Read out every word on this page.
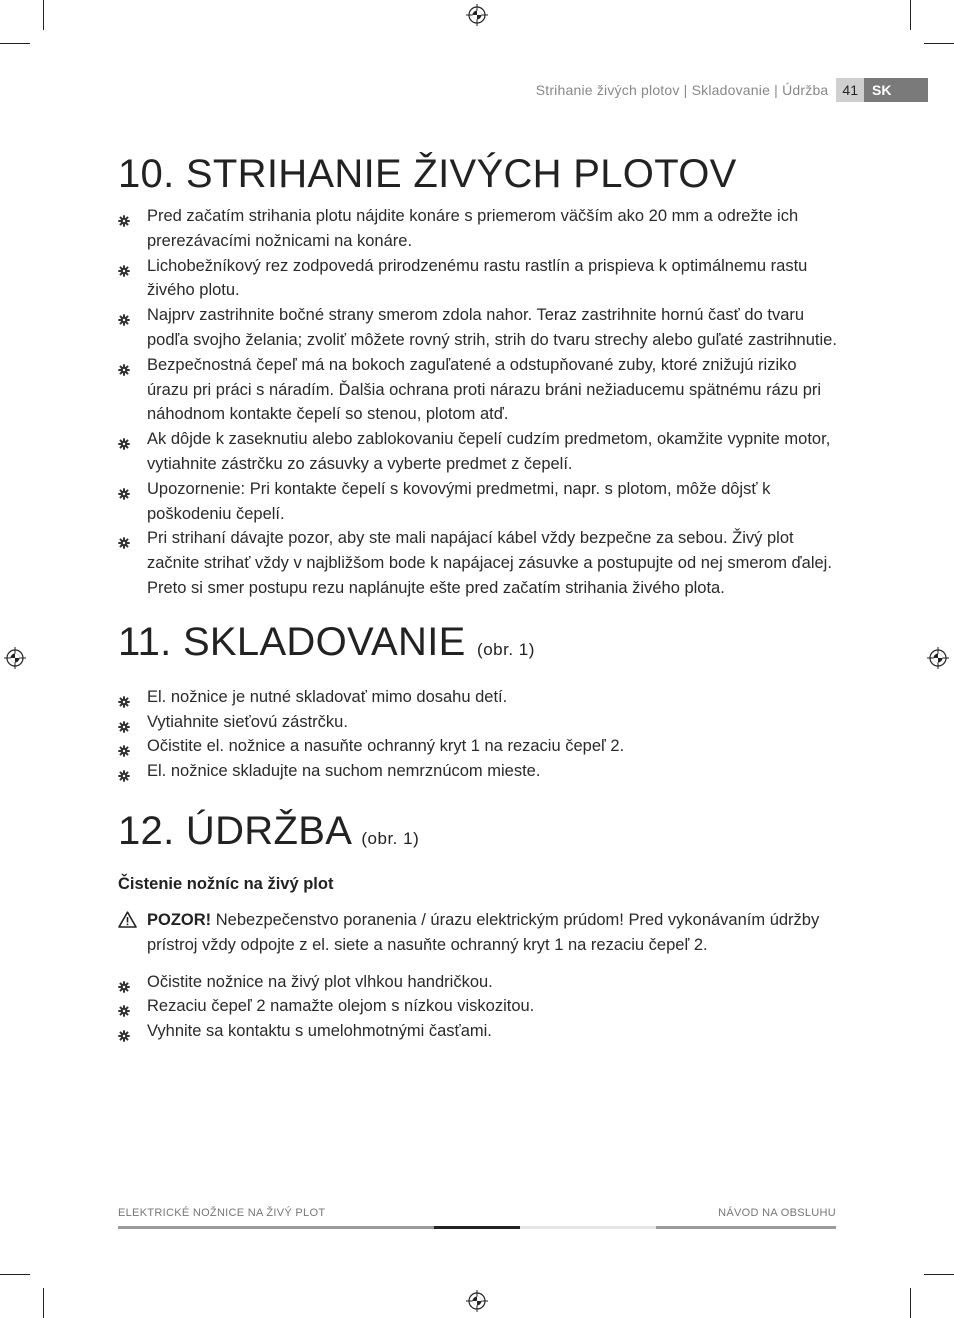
Strihanie živých plotov | Skladovanie | Údržba	41	SK
10. STRIHANIE ŽIVÝCH PLOTOV
Pred začatím strihania plotu nájdite konáre s priemerom väčším ako 20 mm a odrežte ich prerezávacími nožnicami na konáre.
Lichobežníkový rez zodpovedá prirodzenému rastu rastlín a prispieva k optimálnemu rastu živého plotu.
Najprv zastrihnite bočné strany smerom zdola nahor. Teraz zastrihnite hornú časť do tvaru podľa svojho želania; zvoliť môžete rovný strih, strih do tvaru strechy alebo guľaté zastrihnutie.
Bezpečnostná čepeľ má na bokoch zaguľatené a odstupňované zuby, ktoré znižujú riziko úrazu pri práci s náradím. Ďalšia ochrana proti nárazu bráni nežiaducemu spätnému rázu pri náhodnom kontakte čepelí so stenou, plotom atď.
Ak dôjde k zaseknutiu alebo zablokovaniu čepelí cudzím predmetom, okamžite vypnite motor, vytiahnite zástrčku zo zásuvky a vyberte predmet z čepelí.
Upozornenie: Pri kontakte čepelí s kovovými predmetmi, napr. s plotom, môže dôjsť k poškodeniu čepelí.
Pri strihaní dávajte pozor, aby ste mali napájací kábel vždy bezpečne za sebou. Živý plot začnite strihať vždy v najbližšom bode k napájacej zásuvke a postupujte od nej smerom ďalej. Preto si smer postupu rezu naplánujte ešte pred začatím strihania živého plota.
11. SKLADOVANIE (obr. 1)
El. nožnice je nutné skladovať mimo dosahu detí.
Vytiahnite sieťovú zástrčku.
Očistite el. nožnice a nasuňte ochranný kryt 1 na rezaciu čepeľ 2.
El. nožnice skladujte na suchom nemrznúcom mieste.
12. ÚDRŽBA (obr. 1)
Čistenie nožníc na živý plot
POZOR! Nebezpečenstvo poranenia / úrazu elektrickým prúdom! Pred vykonávaním údržby prístroj vždy odpojte z el. siete a nasuňte ochranný kryt 1 na rezaciu čepeľ 2.
Očistite nožnice na živý plot vlhkou handričkou.
Rezaciu čepeľ 2 namažte olejom s nízkou viskozitou.
Vyhnite sa kontaktu s umelohmotnými časťami.
ELEKTRICKÉ NOŽNICE NA ŽIVÝ PLOT	NÁVOD NA OBSLUHU
